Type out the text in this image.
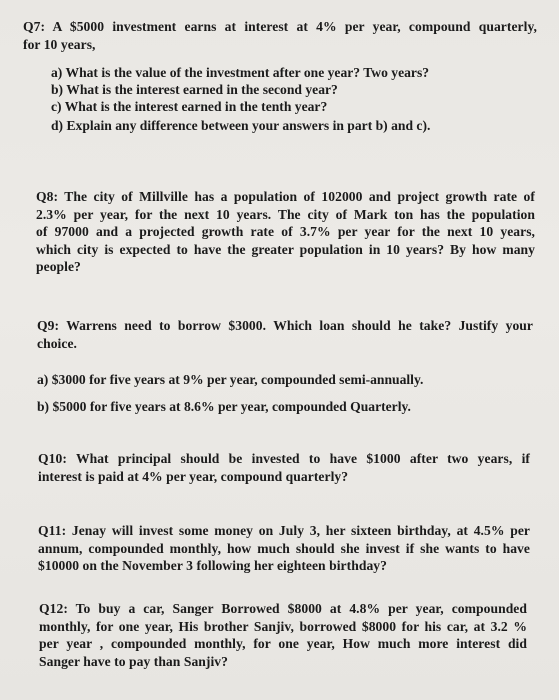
Q7: A $5000 investment earns at interest at 4% per year, compound quarterly,
for 10 years,
a) What is the value of the investment after one year? Two years?
b) What is the interest earned in the second year?
c) What is the interest earned in the tenth year?
d) Explain any difference between your answers in part b) and c).
Q8: The city of Millville has a population of 102000 and project growth rate of
2.3% per year, for the next 10 years. The city of Mark ton has the population
of 97000 and a projected growth rate of 3.7% per year for the next 10 years,
which city is expected to have the greater population in 10 years? By how many
people?
Q9: Warrens need to borrow $3000. Which loan should he take? Justify your
choice.
a) $3000 for five years at 9% per year, compounded semi-annually.
b) $5000 for five years at 8.6% per year, compounded Quarterly.
Q10: What principal should be invested to have $1000 after two years, if
interest is paid at 4% per year, compound quarterly?
Q11: Jenay will invest some money on July 3, her sixteen birthday, at 4.5% per
annum, compounded monthly, how much should she invest if she wants to have
$10000 on the November 3 following her eighteen birthday?
Q12: To buy a car, Sanger Borrowed $8000 at 4.8% per year, compounded
monthly, for one year, His brother Sanjiv, borrowed $8000 for his car, at 3.2 %
per year , compounded monthly, for one year, How much more interest did
Sanger have to pay than Sanjiv?
